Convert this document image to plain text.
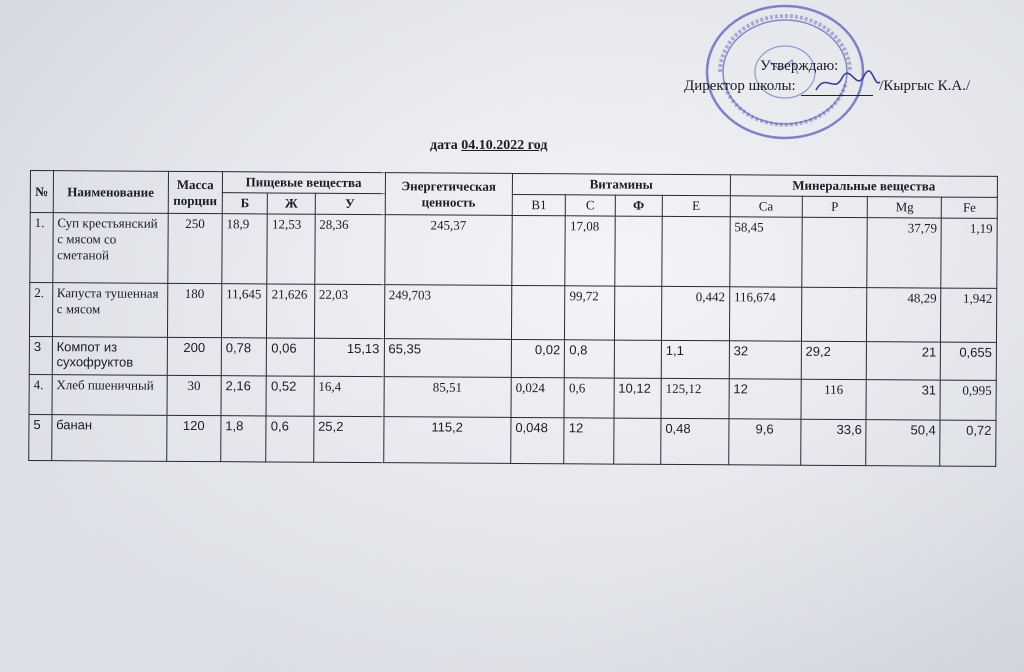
Утверждаю:
Директор школы:	/Кыргыс К.А./
дата 04.10.2022 год
№	Наименование	Масса порции	Пищевые вещества			Энергетическая ценность	Витамины				Минеральные вещества			
			Б	Ж	У		B1	C	Ф	Е	Ca	P	Mg	Fe
1.	Суп крестьянский с мясом со сметаной	250	18,9	12,53	28,36	245,37		17,08			58,45		37,79	1,19
2.	Капуста тушенная с мясом	180	11,645	21,626	22,03	249,703		99,72		0,442	116,674		48,29	1,942
3	Компот из сухофруктов	200	0,78	0,06	15,13	65,35	0,02	0,8		1,1	32	29,2	21	0,655
4.	Хлеб пшеничный	30	2,16	0,52	16,4	85,51	0,024	0,6	10,12	125,12	12	116	31	0,995
5	банан	120	1,8	0,6	25,2	115,2	0,048	12		0,48	9,6	33,6	50,4	0,72
